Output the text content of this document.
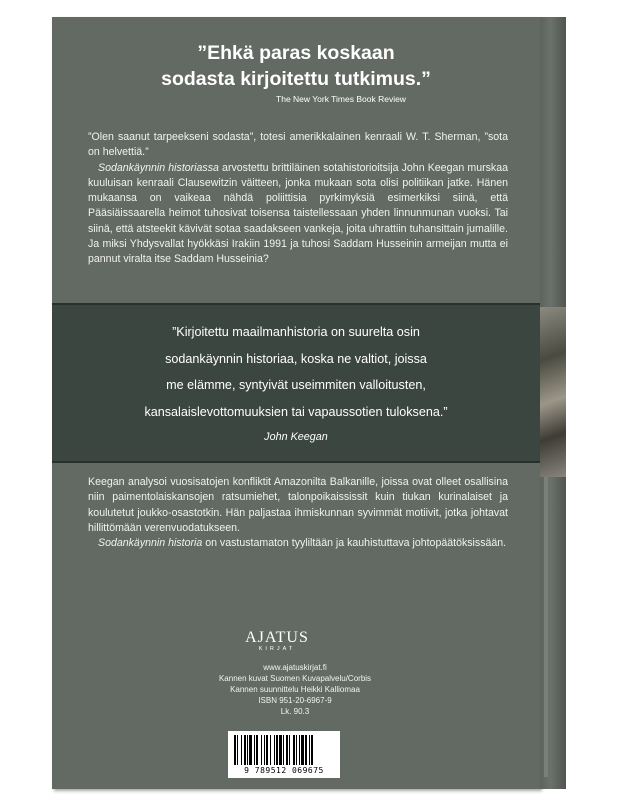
”Ehkä paras koskaan
sodasta kirjoitettu tutkimus.”
The New York Times Book Review

”Olen saanut tarpeekseni sodasta”, totesi amerikkalainen kenraali W. T. Sherman, ”sota on helvettiä.”

Sodankäynnin historiassa arvostettu brittiläinen sotahistorioitsija John Keegan murskaa kuuluisan kenraali Clausewitzin väitteen, jonka mukaan sota olisi politiikan jatke. Hänen mukaansa on vaikeaa nähdä poliittisia pyrkimyksiä esimerkiksi siinä, että Pääsiäissaarella heimot tuhosivat toisensa taistellessaan yhden linnunmunan vuoksi. Tai siinä, että atsteekit kävivät sotaa saadakseen vankeja, joita uhrattiin tuhansittain jumalille. Ja miksi Yhdysvallat hyökkäsi Irakiin 1991 ja tuhosi Saddam Husseinin armeijan mutta ei pannut viralta itse Saddam Husseinia?

”Kirjoitettu maailmanhistoria on suurelta osin
sodankäynnin historiaa, koska ne valtiot, joissa
me elämme, syntyivät useimmiten valloitusten,
kansalaislevottomuuksien tai vapaussotien tuloksena.”
John Keegan

Keegan analysoi vuosisatojen konfliktit Amazonilta Balkanille, joissa ovat olleet osallisina niin paimentolaiskansojen ratsumiehet, talonpoikaississit kuin tiukan kurinalaiset ja koulutetut joukko-osastotkin. Hän paljastaa ihmiskunnan syvimmät motiivit, jotka johtavat hillittömään verenvuodatukseen.

Sodankäynnin historia on vastustamaton tyyliltään ja kauhistuttava johtopäätöksissään.

AJATUS
KIRJAT
www.ajatuskirjat.fi
Kannen kuvat Suomen Kuvapalvelu/Corbis
Kannen suunnittelu Heikki Kalliomaa
ISBN 951-20-6967-9
Lk. 90.3
9 789512 069675
